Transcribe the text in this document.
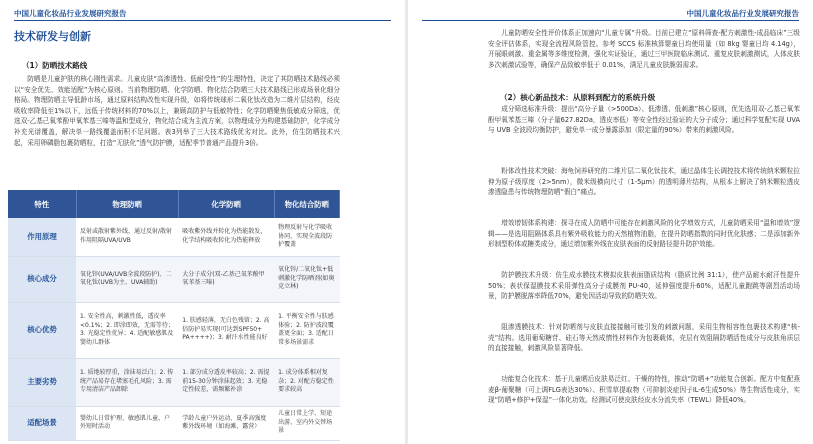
中国儿童化妆品行业发展研究报告
技术研发与创新
（1）防晒技术路线
防晒是儿童护肤的核心刚性需求。儿童皮肤“高渗透性、低耐受性”的生理特性，决定了其防晒技术路线必须以“安全优先、效能适配”为核心原则。当前物理防晒、化学防晒、物化结合防晒三大技术路线已形成场景化细分格局。物理防晒主导低龄市场，通过原料结构改性实现升级，如将传统球形二氧化钛改造为二维片层结构，经皮吸收率降低至1%以下，远低于传统材料的70%以上，兼顾高防护与低敏特性；化学防晒聚焦低敏成分筛选，优选双-乙基己氧苯酚甲氧苯基三嗪等温和型成分，物化结合成为主流方案，以物理成分为构建基础防护，化学成分补充光谱覆盖，解决单一路线覆盖面积不足问题。表3列举了三大技术路线优劣对比。此外，仿生防晒技术兴起，采用卵磷脂包裹防晒粒，打造“无肤化”透气防护膜，适配季节普通产品提升3倍。
特性	物理防晒	化学防晒	物化结合防晒
作用原理	反射或散射紫外线，通过反射/散射作用阻隔UVA/UVB	吸收紫外线并转化为热能散发，化学结构吸收转化为热能释放	物理反射与化学吸收协同，实现全波段防护覆盖
核心成分	氧化锌(UVA/UVB全波段防护)、二氧化钛(UVB为主、UVA辅助)	大分子成分(双-乙基己氧苯酚甲氧苯基三嗪)	氧化锌/二氧化钛+低刺激化学防晒剂(如奥克立林)
核心优势	1. 安全性高，刺激性低，透皮率<0.1%；2. 即涂即效，无需等待；3. 光稳定性优异；4. 适配敏感肌及婴幼儿群体	1. 肤感轻薄，无白色残留；2. 高倍防护易实现(可达到SPF50+ PA++++)；3. 耐汗水性能良好	1. 平衡安全性与肤感体验；2. 防护波段覆盖更全面；3. 适配日常多场景需求
主要劣势	1. 质地较厚重，涂抹易泛白；2. 传统产品易存在堵塞毛孔风险；3. 需专用清洁产品卸除	1. 部分成分透皮率较高；2. 需提前15-30分钟涂抹起效；3. 光稳定性较差，需频繁补涂	1. 成分体系相对复杂；2. 对配方稳定性要求较高
适配场景	婴幼儿日常护理、敏感肌儿童、户外短时活动	学龄儿童户外运动、夏季高强度紫外线环境（如海滩、露营）	儿童日常上学、短途出游、室内外交替场景
中国儿童化妆品行业发展研究报告
儿童防晒安全性评价体系正加速向“儿童专属”升级。目前已建立“原料筛查-配方刺激性-成品临床”三级安全评估体系，实现全流程风险管控。参考 SCCS 标准核算婴童日均使用量（如 8kg 婴童日均 4.14g），开展眼刺激、重金属等多维度检测，强化实证验证，通过三甲医院临床测试、重复皮肤刺激测试，人体皮肤多次刺激试验等，确保产品致敏率低于 0.01%，满足儿童皮肤脆弱需求。
（2）核心新品技术：从原料到配方的系统升级
成分筛选标准升级：提出“高分子量（>500Da）、低渗透、低刺激”核心原则，优先选用双-乙基己氧苯酚甲氧苯基三嗪（分子量627.82Da，透皮率低）等安全性经过验证的大分子成分；通过科学复配实现 UVA 与 UVB 全波段均衡防护，避免单一成分暴露添加（限定量的90%）带来的刺激风险。
粉体改性技术突破：海龟饲养研究的二维片层二氧化钛技术，通过晶体生长调控技术将传统纳米颗粒拉伸为原子级厚度（2>5nm），微米级横向尺寸（1-5μm）的透明薄片结构，从根本上解决了纳米颗粒透皮渗透隐患与传统物理防晒“假白”痛点。
增效增韧体系构建：探寻在成人防晒中可能存在刺激风险的化学增效方式，儿童防晒采用“温和增效”逻辑——是选用阻隔体系具有紫外吸收能力的天然植物油脂，在提升防晒指数的同时优化肤感；二是添加新外形制型粉体或糖类成分，通过增加紫外线在皮肤表面的反射路径提升防护效能。
防护膜技术升级：仿生成水膜技术模拟皮肤表面脂质结构（脂质比例 31:1），使产品耐水耐汗性提升50%；表状保湿膜技术采用弹性高分子成膜剂 PU-40，延伸强度提升60%，适配儿童跑跳等剧烈活动场景，防护膜脱落率降低70%，避免因活动导致的防晒失效。
阻渗透膜技术：针对防晒剂与皮肤直接接触可能引发的刺激问题，采用生物相容性包裹技术构建“核-壳”结构。选用葡萄糖苷、硅石等天然成惰性材料作为包裹载体，壳层有效阻隔防晒活性成分与皮肤角质层的直接接触，刺激风险显著降低。
功能复合化技术：基于儿童晒后皮肤易泛红、干燥的特性，推动“防晒+”功能复合创新。配方中复配燕麦β-葡聚糖（可上调FLG表达30%）、积雪草提取物（可抑制炎症因子IL-6生成50%）等生物活性成分，实现“防晒+修护+保湿”一体化功效。经测试可使皮肤经皮水分流失率（TEWL）降低40%。
